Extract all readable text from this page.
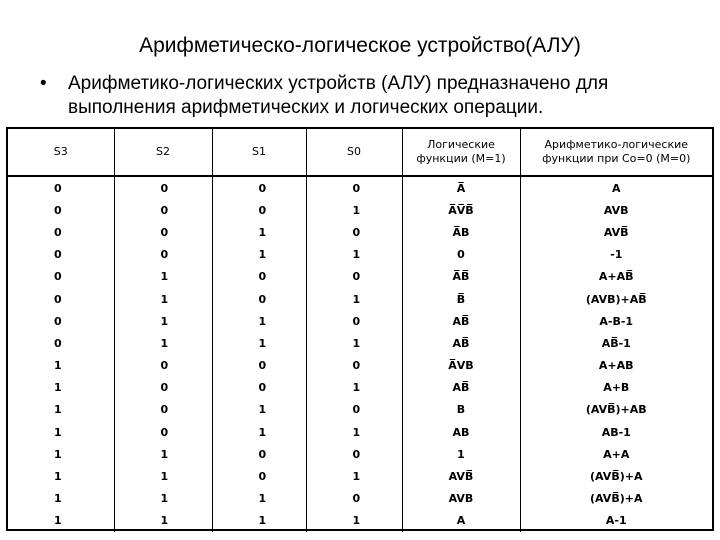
Арифметическо-логическое устройство(АЛУ)
•	Арифметико-логических устройств (АЛУ) предназначено для выполнения арифметических и логических операции.
S3	S2	S1	S0	Логические функции (M=1)	Арифметико-логические функции при Co=0 (M=0)
0	0	0	0	A̅	A
0	0	0	1	A̅V̅B̅	AVB
0	0	1	0	A̅B	AVB̅
0	0	1	1	0	-1
0	1	0	0	A̅B̅	A+AB̅
0	1	0	1	B̅	(AVB)+AB̅
0	1	1	0	AB̅	A-B-1
0	1	1	1	AB̅	AB̅-1
1	0	0	0	A̅VB	A+AB
1	0	0	1	AB̅	A+B
1	0	1	0	B	(AVB̅)+AB
1	0	1	1	AB	AB-1
1	1	0	0	1	A+A
1	1	0	1	AVB̅	(AVB̅)+A
1	1	1	0	AVB	(AVB̅)+A
1	1	1	1	A	A-1
